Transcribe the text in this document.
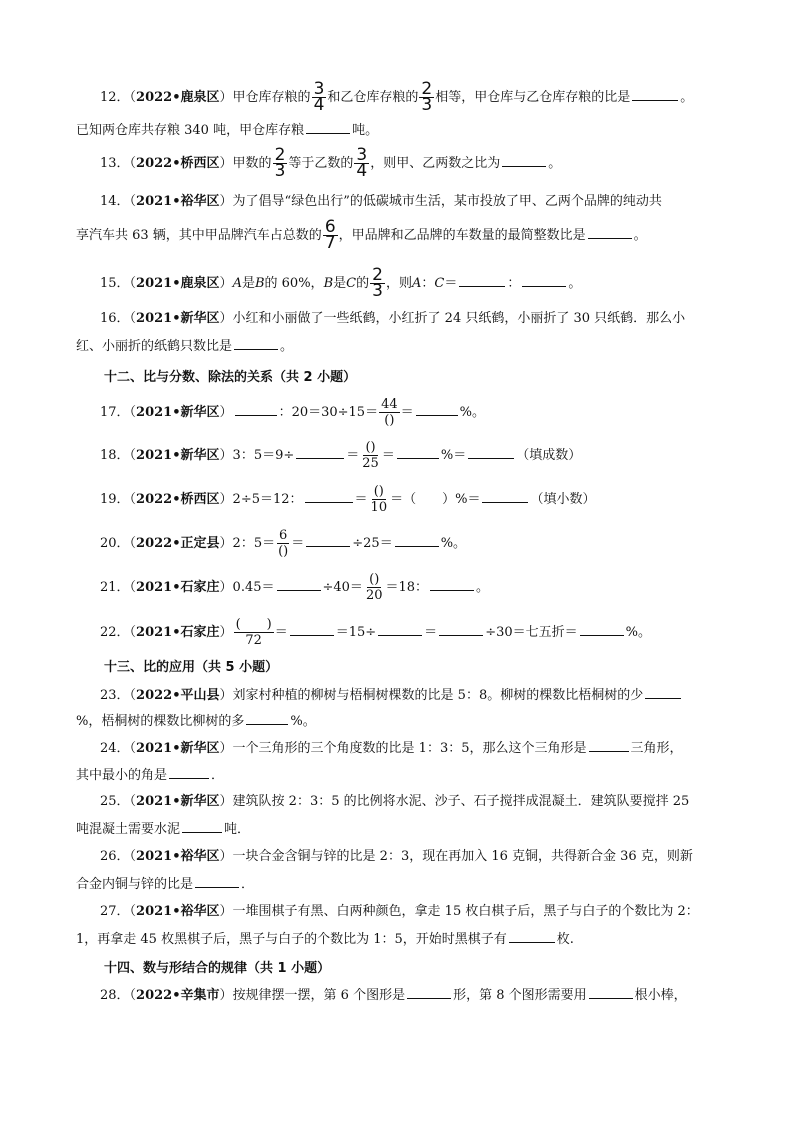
12．（2022•鹿泉区）甲仓库存粮的 $\frac{3}{4}$ 和乙仓库存粮的 $\frac{2}{3}$ 相等，甲仓库与乙仓库存粮的比是	。
已知两仓库共存粮 340 吨，甲仓库存粮	吨。
13．（2022•桥西区）甲数的 $\frac{2}{3}$ 等于乙数的 $\frac{3}{4}$ ，则甲、乙两数之比为	。
14．（2021•裕华区）为了倡导“绿色出行”的低碳城市生活，某市投放了甲、乙两个品牌的纯动共
享汽车共 63 辆，其中甲品牌汽车占总数的 $\frac{6}{7}$ ，甲品牌和乙品牌的车数量的最简整数比是	。
15．（2021•鹿泉区）A是B的 60%，B是C的 $\frac{2}{3}$ ，则A：C＝	：	。
16．（2021•新华区）小红和小丽做了一些纸鹤，小红折了 24 只纸鹤，小丽折了 30 只纸鹤．那么小
红、小丽折的纸鹤只数比是	。
十二、比与分数、除法的关系（共 2 小题）
17．（2021•新华区）	：$20=30\div 15= \frac{44}{()}$ ＝	%。
18．（2021•新华区）3：5＝9÷	＝ $\frac{()}{25}$ ＝	%＝	（填成数）
19．（2022•桥西区）2÷5＝12：	＝ $\frac{()}{10}$ ＝（　　）%＝	（填小数）
20．（2022•正定县）2：$5= \frac{6}{()}$ ＝	÷25＝	%。
21．（2021•石家庄）0.45＝	$\div 40= \frac{()}{20} =18$：	。
22．（2021•石家庄） $\frac{( )}{72}$ ＝	＝15÷	＝	÷30＝七五折＝	%。
十三、比的应用（共 5 小题）
23．（2022•平山县）刘家村种植的柳树与梧桐树棵数的比是 5：8。柳树的棵数比梧桐树的少
%，梧桐树的棵数比柳树的多	%。
24．（2021•新华区）一个三角形的三个角度数的比是 1：3：5，那么这个三角形是	三角形，
其中最小的角是	．
25．（2021•新华区）建筑队按 2：3：5 的比例将水泥、沙子、石子搅拌成混凝土．建筑队要搅拌 25
吨混凝土需要水泥	吨．
26．（2021•裕华区）一块合金含铜与锌的比是 2：3，现在再加入 16 克铜，共得新合金 36 克，则新
合金内铜与锌的比是	．
27．（2021•裕华区）一堆围棋子有黑、白两种颜色，拿走 15 枚白棋子后，黑子与白子的个数比为 2：
1，再拿走 45 枚黑棋子后，黑子与白子的个数比为 1：5，开始时黑棋子有	枚.
十四、数与形结合的规律（共 1 小题）
28．（2022•辛集市）按规律摆一摆，第 6 个图形是	形，第 8 个图形需要用	根小棒，
